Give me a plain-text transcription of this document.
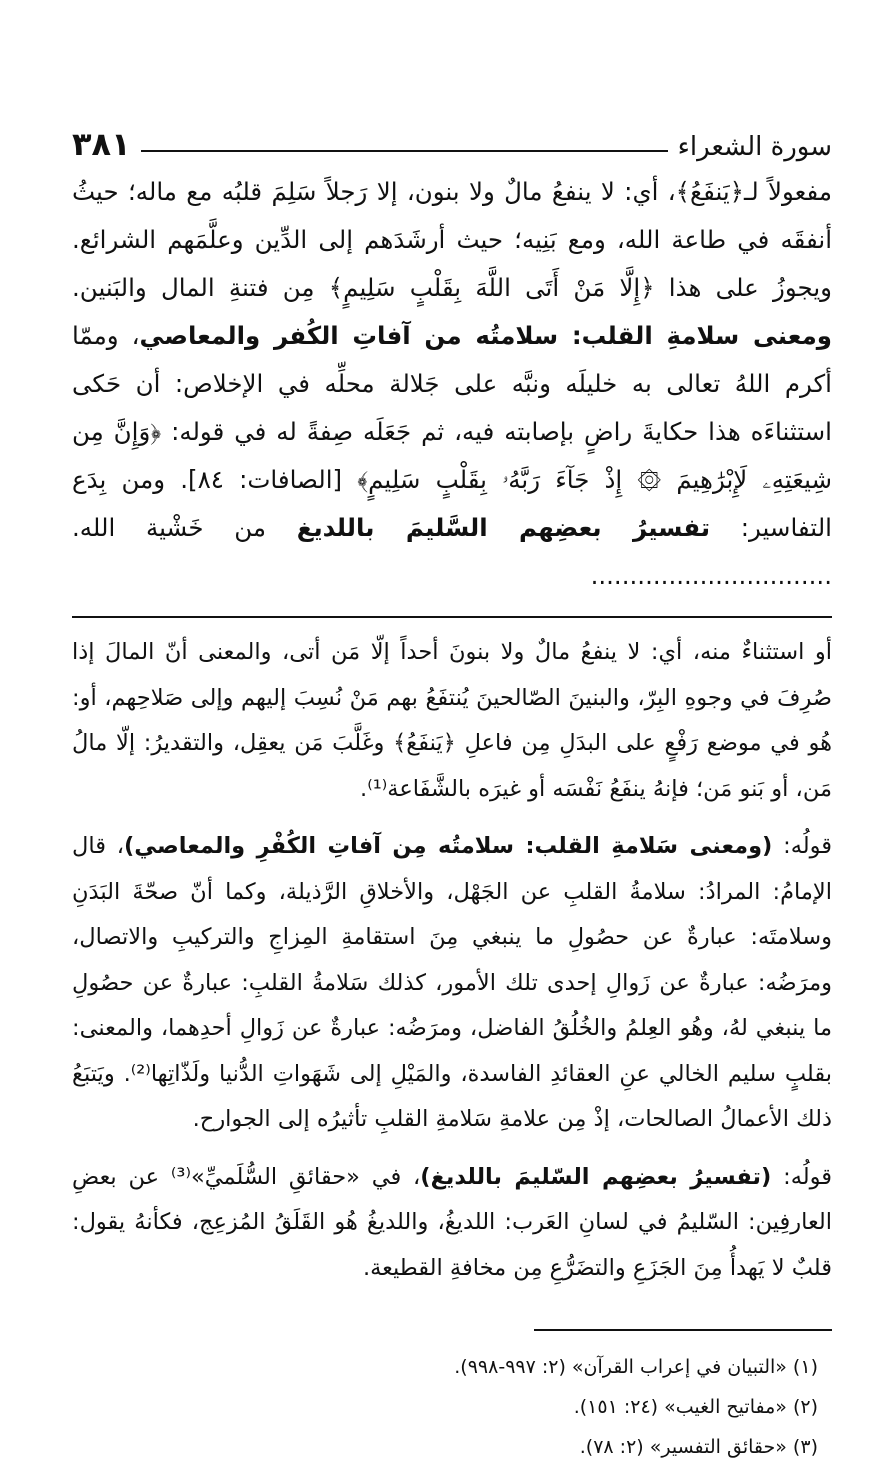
سورة الشعراء
٣٨١

مفعولاً لـ﴿يَنفَعُ﴾، أي: لا ينفعُ مالٌ ولا بنون، إلا رَجلاً سَلِمَ قلبُه مع ماله؛ حيثُ أنفقَه في طاعة الله، ومع بَنِيه؛ حيث أرشَدَهم إلى الدِّين وعلَّمَهم الشرائع. ويجوزُ على هذا ﴿إِلَّا مَنْ أَتَى اللَّهَ بِقَلْبٍ سَلِيمٍ﴾ مِن فتنةِ المال والبَنين. ومعنى سلامةِ القلب: سلامتُه من آفاتِ الكُفر والمعاصي، وممّا أكرم اللهُ تعالى به خليلَه ونبَّه على جَلالة محلِّه في الإخلاص: أن حَكى استثناءَه هذا حكايةَ راضٍ بإصابته فيه، ثم جَعَلَه صِفةً له في قوله: ﴿وَإِنَّ مِن شِيعَتِهِۦ لَإِبْرَٰهِيمَ ۞ إِذْ جَآءَ رَبَّهُۥ بِقَلْبٍ سَلِيمٍ﴾ [الصافات: ٨٤]. ومن بِدَع التفاسير: تفسيرُ بعضِهم السَّليمَ باللديغ من خَشْية الله. ...............................

أو استثناءٌ منه، أي: لا ينفعُ مالٌ ولا بنونَ أحداً إلّا مَن أتى، والمعنى أنّ المالَ إذا صُرِفَ في وجوهِ البِرّ، والبنينَ الصّالحينَ يُنتفَعُ بهم مَنْ نُسِبَ إليهم وإلى صَلاحِهم، أو: هُو في موضع رَفْعٍ على البدَلِ مِن فاعلِ ﴿يَنفَعُ﴾ وغَلَّبَ مَن يعقِل، والتقديرُ: إلّا مالُ مَن، أو بَنو مَن؛ فإنهُ ينفَعُ نَفْسَه أو غيرَه بالشَّفَاعة⁽¹⁾.

قولُه: (ومعنى سَلامةِ القلب: سلامتُه مِن آفاتِ الكُفْرِ والمعاصي)، قال الإمامُ: المرادُ: سلامةُ القلبِ عن الجَهْل، والأخلاقِ الرَّذيلة، وكما أنّ صحّةَ البَدَنِ وسلامتَه: عبارةٌ عن حصُولِ ما ينبغي مِنَ استقامةِ المِزاجِ والتركيبِ والاتصال، ومرَضُه: عبارةٌ عن زَوالِ إحدى تلك الأمور، كذلك سَلامةُ القلبِ: عبارةٌ عن حصُولِ ما ينبغي لهُ، وهُو العِلمُ والخُلُقُ الفاضل، ومرَضُه: عبارةٌ عن زَوالِ أحدِهما، والمعنى: بقلبٍ سليم الخالي عنِ العقائدِ الفاسدة، والمَيْلِ إلى شَهَواتِ الدُّنيا ولَذّاتِها⁽²⁾. ويَتبَعُ ذلك الأعمالُ الصالحات، إذْ مِن علامةِ سَلامةِ القلبِ تأثيرُه إلى الجوارح.

قولُه: (تفسيرُ بعضِهم السّليمَ باللديغ)، في «حقائقِ السُّلَميِّ»⁽³⁾ عن بعضِ العارفِين: السّليمُ في لسانِ العَرب: اللديغُ، واللديغُ هُو القَلَقُ المُزعِج، فكأنهُ يقول: قلبٌ لا يَهدأُ مِنَ الجَزَعِ والتضَرُّعِ مِن مخافةِ القطيعة.

(١) «التبيان في إعراب القرآن» (٢: ٩٩٧-٩٩٨).

(٢) «مفاتيح الغيب» (٢٤: ١٥١).

(٣) «حقائق التفسير» (٢: ٧٨).
